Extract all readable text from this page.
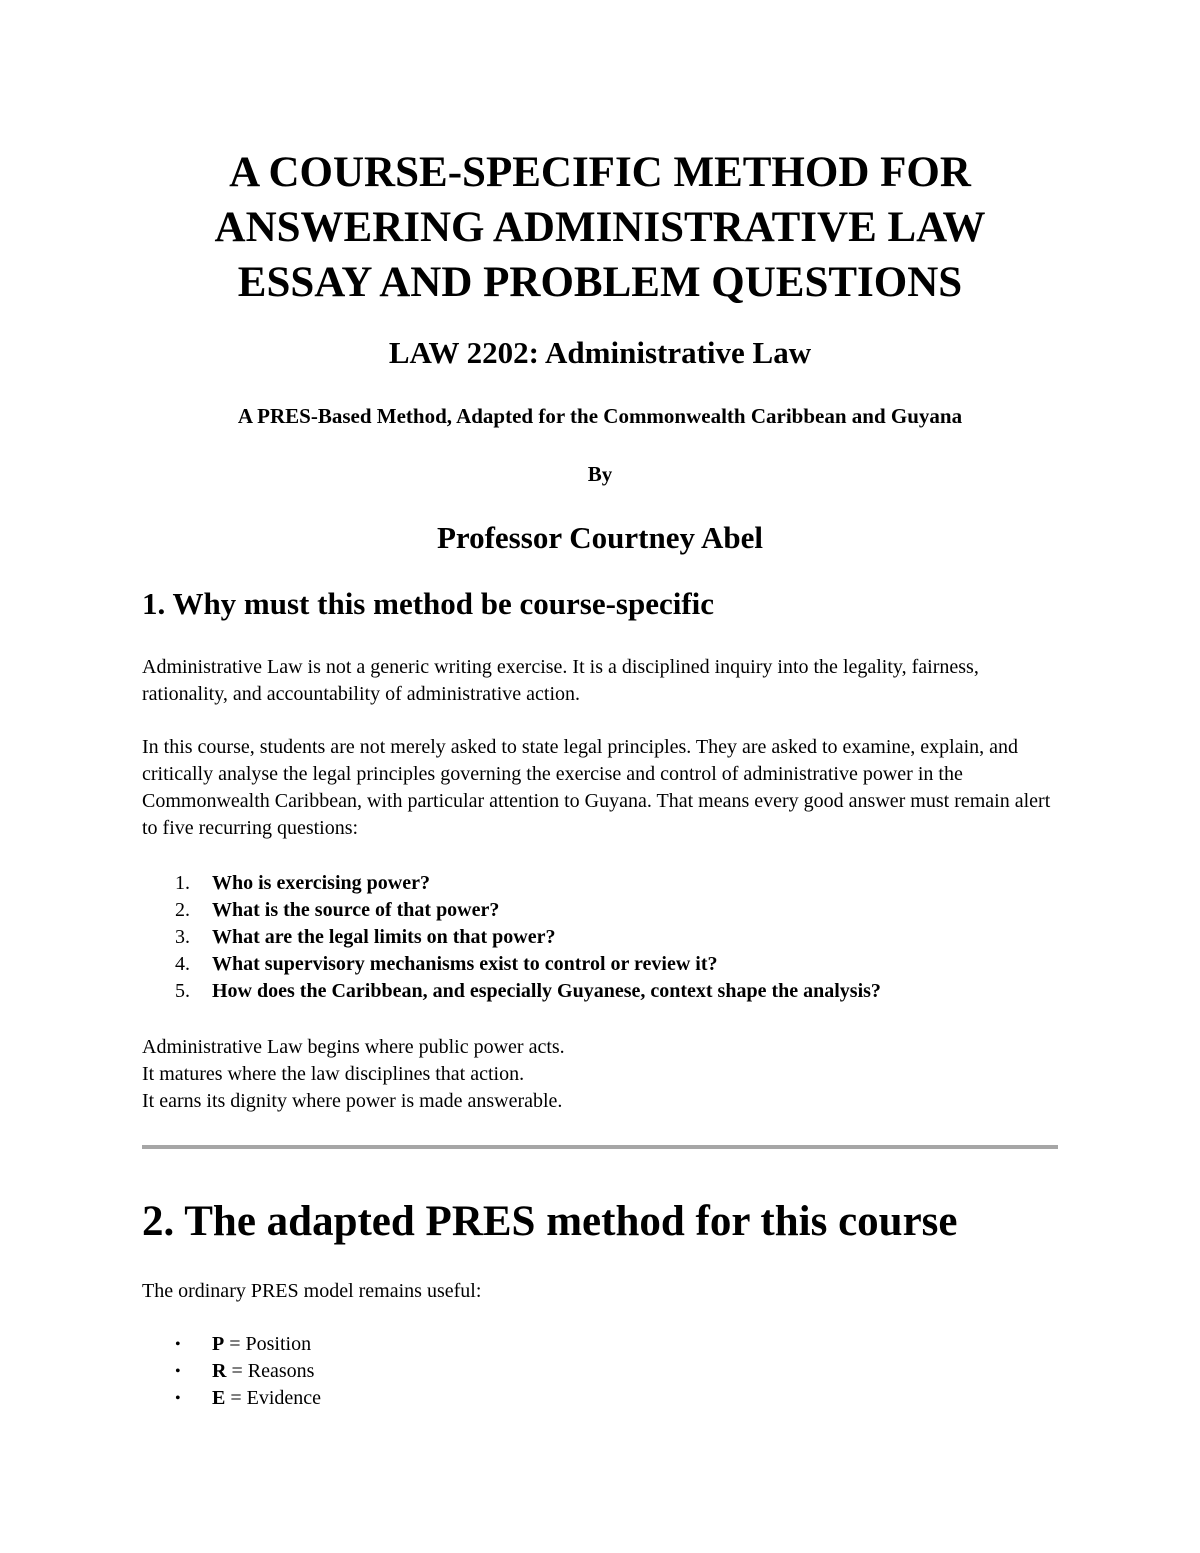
A COURSE-SPECIFIC METHOD FOR
ANSWERING ADMINISTRATIVE LAW
ESSAY AND PROBLEM QUESTIONS

LAW 2202: Administrative Law

A PRES-Based Method, Adapted for the Commonwealth Caribbean and Guyana

By

Professor Courtney Abel

1. Why must this method be course-specific

Administrative Law is not a generic writing exercise. It is a disciplined inquiry into the legality, fairness, rationality, and accountability of administrative action.

In this course, students are not merely asked to state legal principles. They are asked to examine, explain, and critically analyse the legal principles governing the exercise and control of administrative power in the Commonwealth Caribbean, with particular attention to Guyana. That means every good answer must remain alert to five recurring questions:

1. Who is exercising power?
2. What is the source of that power?
3. What are the legal limits on that power?
4. What supervisory mechanisms exist to control or review it?
5. How does the Caribbean, and especially Guyanese, context shape the analysis?

Administrative Law begins where public power acts.
It matures where the law disciplines that action.
It earns its dignity where power is made answerable.

2. The adapted PRES method for this course

The ordinary PRES model remains useful:

• P = Position
• R = Reasons
• E = Evidence
